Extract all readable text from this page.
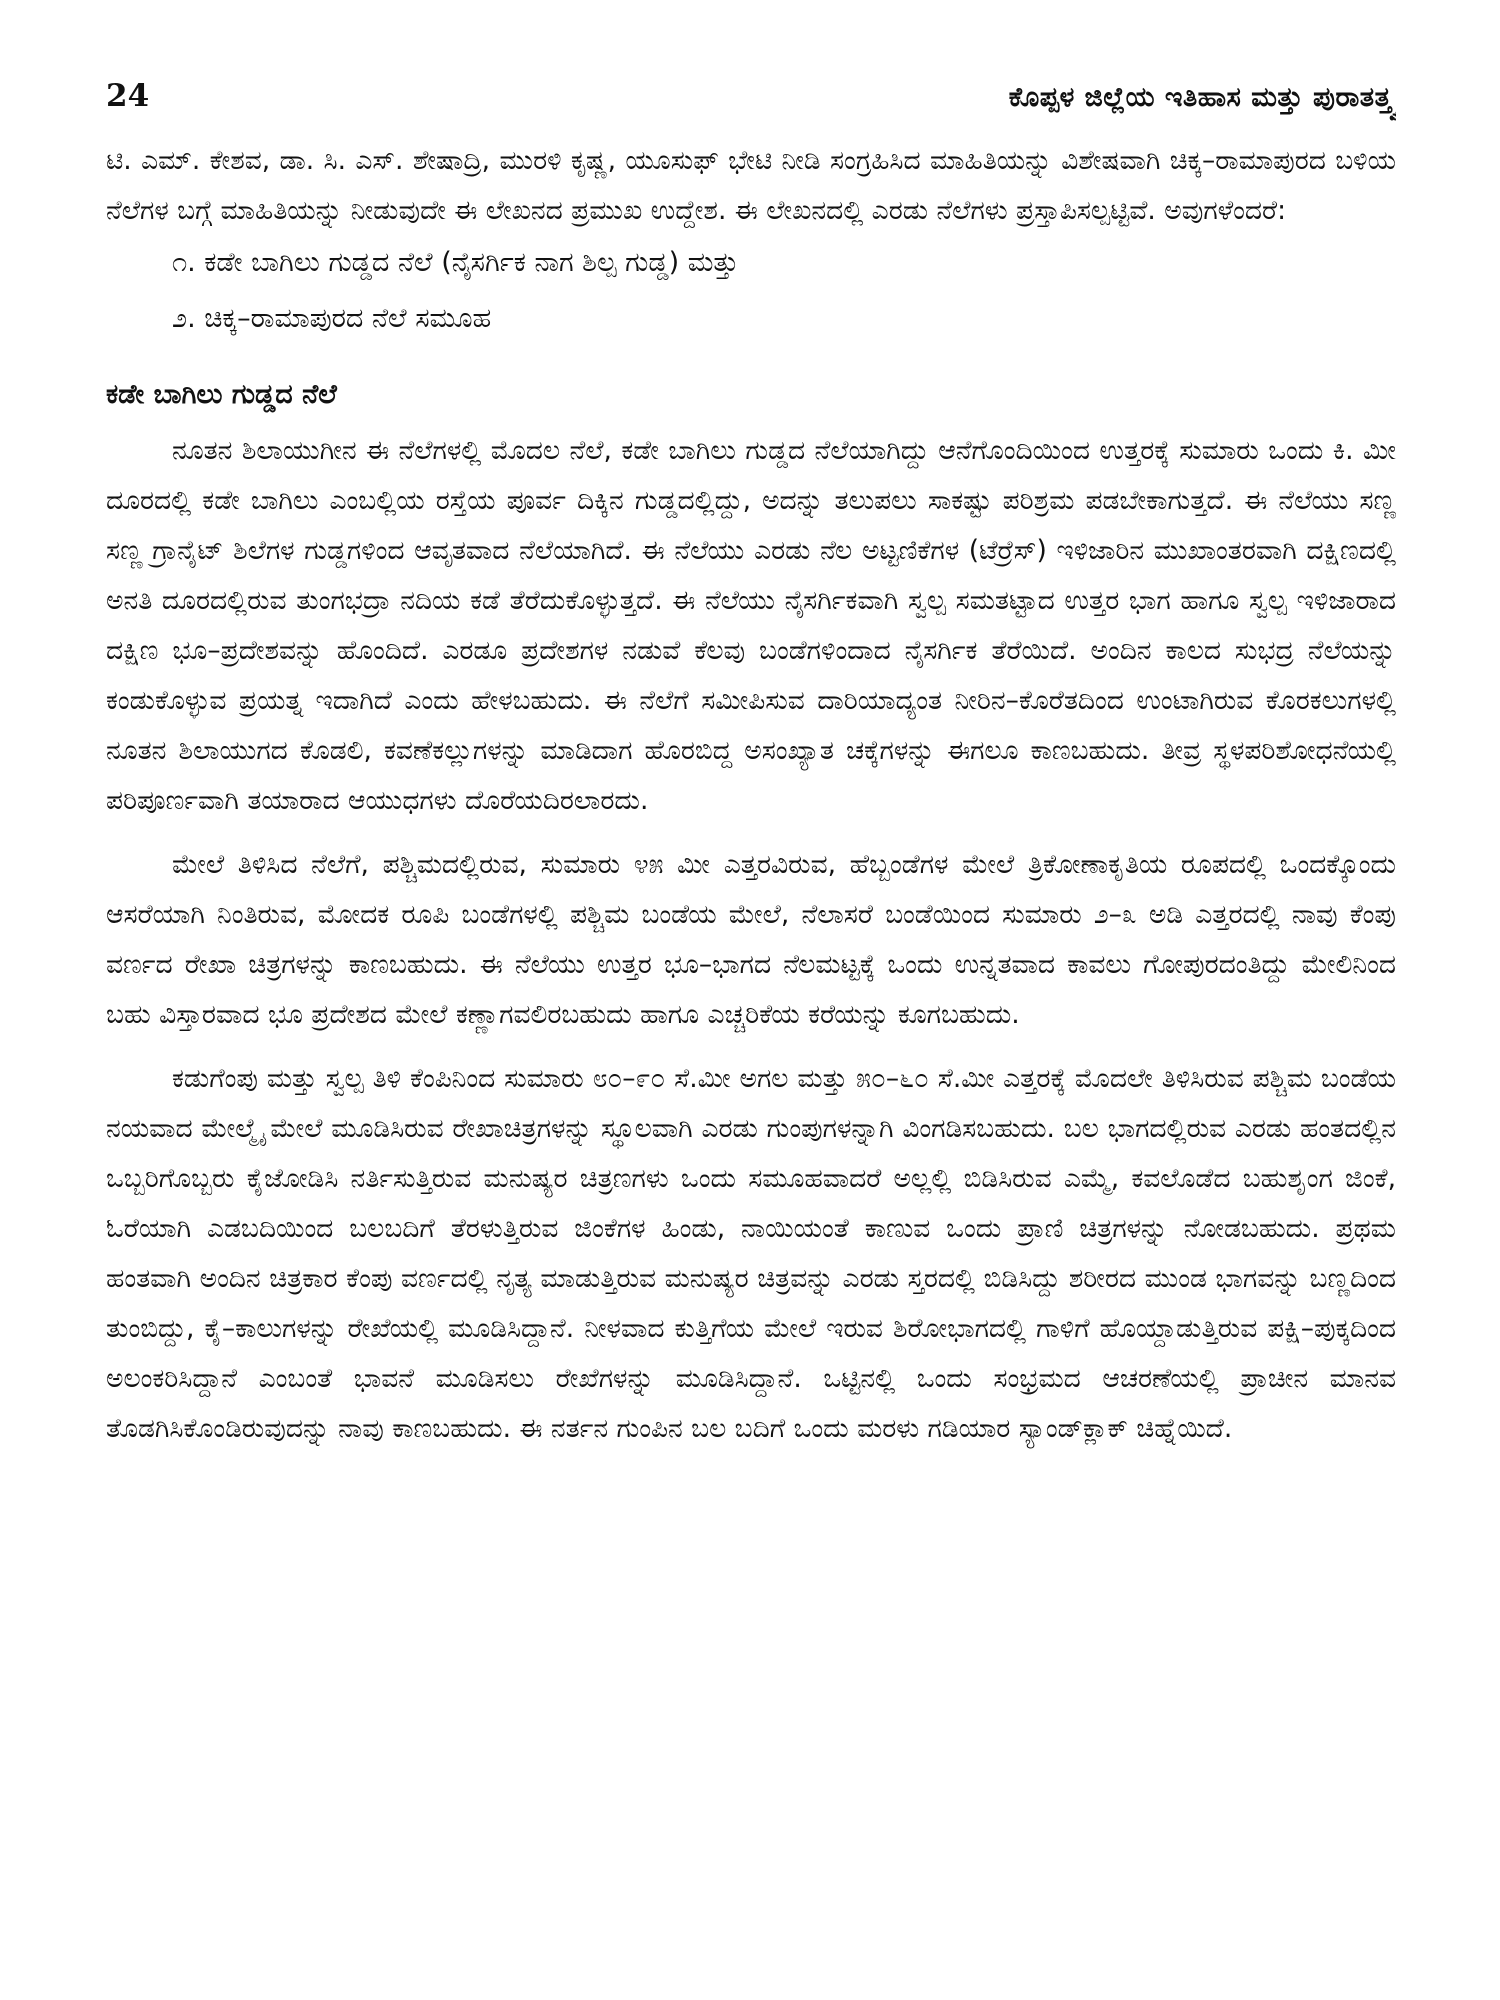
24	ಕೊಪ್ಪಳ ಜಿಲ್ಲೆಯ ಇತಿಹಾಸ ಮತ್ತು ಪುರಾತತ್ತ್ವ

ಟಿ. ಎಮ್. ಕೇಶವ, ಡಾ. ಸಿ. ಎಸ್. ಶೇಷಾದ್ರಿ, ಮುರಳಿ ಕೃಷ್ಣ, ಯೂಸುಫ್ ಭೇಟಿ ನೀಡಿ ಸಂಗ್ರಹಿಸಿದ ಮಾಹಿತಿಯನ್ನು ವಿಶೇಷವಾಗಿ ಚಿಕ್ಕ–ರಾಮಾಪುರದ ಬಳಿಯ ನೆಲೆಗಳ ಬಗ್ಗೆ ಮಾಹಿತಿಯನ್ನು ನೀಡುವುದೇ ಈ ಲೇಖನದ ಪ್ರಮುಖ ಉದ್ದೇಶ. ಈ ಲೇಖನದಲ್ಲಿ ಎರಡು ನೆಲೆಗಳು ಪ್ರಸ್ತಾಪಿಸಲ್ಪಟ್ಟಿವೆ. ಅವುಗಳೆಂದರೆ:

೧. ಕಡೇ ಬಾಗಿಲು ಗುಡ್ಡದ ನೆಲೆ (ನೈಸರ್ಗಿಕ ನಾಗ ಶಿಲ್ಪ ಗುಡ್ಡ) ಮತ್ತು
೨. ಚಿಕ್ಕ–ರಾಮಾಪುರದ ನೆಲೆ ಸಮೂಹ
ಕಡೇ ಬಾಗಿಲು ಗುಡ್ಡದ ನೆಲೆ

ನೂತನ ಶಿಲಾಯುಗೀನ ಈ ನೆಲೆಗಳಲ್ಲಿ ಮೊದಲ ನೆಲೆ, ಕಡೇ ಬಾಗಿಲು ಗುಡ್ಡದ ನೆಲೆಯಾಗಿದ್ದು ಆನೆಗೊಂದಿಯಿಂದ ಉತ್ತರಕ್ಕೆ ಸುಮಾರು ಒಂದು ಕಿ. ಮೀ ದೂರದಲ್ಲಿ ಕಡೇ ಬಾಗಿಲು ಎಂಬಲ್ಲಿಯ ರಸ್ತೆಯ ಪೂರ್ವ ದಿಕ್ಕಿನ ಗುಡ್ಡದಲ್ಲಿದ್ದು, ಅದನ್ನು ತಲುಪಲು ಸಾಕಷ್ಟು ಪರಿಶ್ರಮ ಪಡಬೇಕಾಗುತ್ತದೆ. ಈ ನೆಲೆಯು ಸಣ್ಣ ಸಣ್ಣ ಗ್ರಾನೈಟ್ ಶಿಲೆಗಳ ಗುಡ್ಡಗಳಿಂದ ಆವೃತವಾದ ನೆಲೆಯಾಗಿದೆ. ಈ ನೆಲೆಯು ಎರಡು ನೆಲ ಅಟ್ಟಣಿಕೆಗಳ (ಟೆರ್ರೆಸ್) ಇಳಿಜಾರಿನ ಮುಖಾಂತರವಾಗಿ ದಕ್ಷಿಣದಲ್ಲಿ ಅನತಿ ದೂರದಲ್ಲಿರುವ ತುಂಗಭದ್ರಾ ನದಿಯ ಕಡೆ ತೆರೆದುಕೊಳ್ಳುತ್ತದೆ. ಈ ನೆಲೆಯು ನೈಸರ್ಗಿಕವಾಗಿ ಸ್ವಲ್ಪ ಸಮತಟ್ಟಾದ ಉತ್ತರ ಭಾಗ ಹಾಗೂ ಸ್ವಲ್ಪ ಇಳಿಜಾರಾದ ದಕ್ಷಿಣ ಭೂ–ಪ್ರದೇಶವನ್ನು ಹೊಂದಿದೆ. ಎರಡೂ ಪ್ರದೇಶಗಳ ನಡುವೆ ಕೆಲವು ಬಂಡೆಗಳಿಂದಾದ ನೈಸರ್ಗಿಕ ತೆರೆಯಿದೆ. ಅಂದಿನ ಕಾಲದ ಸುಭದ್ರ ನೆಲೆಯನ್ನು ಕಂಡುಕೊಳ್ಳುವ ಪ್ರಯತ್ನ ಇದಾಗಿದೆ ಎಂದು ಹೇಳಬಹುದು. ಈ ನೆಲೆಗೆ ಸಮೀಪಿಸುವ ದಾರಿಯಾದ್ಯಂತ ನೀರಿನ–ಕೊರೆತದಿಂದ ಉಂಟಾಗಿರುವ ಕೊರಕಲುಗಳಲ್ಲಿ ನೂತನ ಶಿಲಾಯುಗದ ಕೊಡಲಿ, ಕವಣೆಕಲ್ಲುಗಳನ್ನು ಮಾಡಿದಾಗ ಹೊರಬಿದ್ದ ಅಸಂಖ್ಯಾತ ಚಕ್ಕೆಗಳನ್ನು ಈಗಲೂ ಕಾಣಬಹುದು. ತೀವ್ರ ಸ್ಥಳಪರಿಶೋಧನೆಯಲ್ಲಿ ಪರಿಪೂರ್ಣವಾಗಿ ತಯಾರಾದ ಆಯುಧಗಳು ದೊರೆಯದಿರಲಾರದು.

ಮೇಲೆ ತಿಳಿಸಿದ ನೆಲೆಗೆ, ಪಶ್ಚಿಮದಲ್ಲಿರುವ, ಸುಮಾರು ೪೫ ಮೀ ಎತ್ತರವಿರುವ, ಹೆಬ್ಬಂಡೆಗಳ ಮೇಲೆ ತ್ರಿಕೋಣಾಕೃತಿಯ ರೂಪದಲ್ಲಿ ಒಂದಕ್ಕೊಂದು ಆಸರೆಯಾಗಿ ನಿಂತಿರುವ, ಮೋದಕ ರೂಪಿ ಬಂಡೆಗಳಲ್ಲಿ ಪಶ್ಚಿಮ ಬಂಡೆಯ ಮೇಲೆ, ನೆಲಾಸರೆ ಬಂಡೆಯಿಂದ ಸುಮಾರು ೨–೩ ಅಡಿ ಎತ್ತರದಲ್ಲಿ ನಾವು ಕೆಂಪು ವರ್ಣದ ರೇಖಾ ಚಿತ್ರಗಳನ್ನು ಕಾಣಬಹುದು. ಈ ನೆಲೆಯು ಉತ್ತರ ಭೂ–ಭಾಗದ ನೆಲಮಟ್ಟಕ್ಕೆ ಒಂದು ಉನ್ನತವಾದ ಕಾವಲು ಗೋಪುರದಂತಿದ್ದು ಮೇಲಿನಿಂದ ಬಹು ವಿಸ್ತಾರವಾದ ಭೂ ಪ್ರದೇಶದ ಮೇಲೆ ಕಣ್ಣಾಗವಲಿರಬಹುದು ಹಾಗೂ ಎಚ್ಚರಿಕೆಯ ಕರೆಯನ್ನು ಕೂಗಬಹುದು.

ಕಡುಗೆಂಪು ಮತ್ತು ಸ್ವಲ್ಪ ತಿಳಿ ಕೆಂಪಿನಿಂದ ಸುಮಾರು ೮೦–೯೦ ಸೆ.ಮೀ ಅಗಲ ಮತ್ತು ೫೦–೬೦ ಸೆ.ಮೀ ಎತ್ತರಕ್ಕೆ ಮೊದಲೇ ತಿಳಿಸಿರುವ ಪಶ್ಚಿಮ ಬಂಡೆಯ ನಯವಾದ ಮೇಲ್ಮೈ ಮೇಲೆ ಮೂಡಿಸಿರುವ ರೇಖಾಚಿತ್ರಗಳನ್ನು ಸ್ಥೂಲವಾಗಿ ಎರಡು ಗುಂಪುಗಳನ್ನಾಗಿ ವಿಂಗಡಿಸಬಹುದು. ಬಲ ಭಾಗದಲ್ಲಿರುವ ಎರಡು ಹಂತದಲ್ಲಿನ ಒಬ್ಬರಿಗೊಬ್ಬರು ಕೈಜೋಡಿಸಿ ನರ್ತಿಸುತ್ತಿರುವ ಮನುಷ್ಯರ ಚಿತ್ರಣಗಳು ಒಂದು ಸಮೂಹವಾದರೆ ಅಲ್ಲಲ್ಲಿ ಬಿಡಿಸಿರುವ ಎಮ್ಮೆ, ಕವಲೊಡೆದ ಬಹುಶೃಂಗ ಜಿಂಕೆ, ಓರೆಯಾಗಿ ಎಡಬದಿಯಿಂದ ಬಲಬದಿಗೆ ತೆರಳುತ್ತಿರುವ ಜಿಂಕೆಗಳ ಹಿಂಡು, ನಾಯಿಯಂತೆ ಕಾಣುವ ಒಂದು ಪ್ರಾಣಿ ಚಿತ್ರಗಳನ್ನು ನೋಡಬಹುದು. ಪ್ರಥಮ ಹಂತವಾಗಿ ಅಂದಿನ ಚಿತ್ರಕಾರ ಕೆಂಪು ವರ್ಣದಲ್ಲಿ ನೃತ್ಯ ಮಾಡುತ್ತಿರುವ ಮನುಷ್ಯರ ಚಿತ್ರವನ್ನು ಎರಡು ಸ್ತರದಲ್ಲಿ ಬಿಡಿಸಿದ್ದು ಶರೀರದ ಮುಂಡ ಭಾಗವನ್ನು ಬಣ್ಣದಿಂದ ತುಂಬಿದ್ದು, ಕೈ–ಕಾಲುಗಳನ್ನು ರೇಖೆಯಲ್ಲಿ ಮೂಡಿಸಿದ್ದಾನೆ. ನೀಳವಾದ ಕುತ್ತಿಗೆಯ ಮೇಲೆ ಇರುವ ಶಿರೋಭಾಗದಲ್ಲಿ ಗಾಳಿಗೆ ಹೊಯ್ದಾಡುತ್ತಿರುವ ಪಕ್ಷಿ–ಪುಕ್ಕದಿಂದ ಅಲಂಕರಿಸಿದ್ದಾನೆ ಎಂಬಂತೆ ಭಾವನೆ ಮೂಡಿಸಲು ರೇಖೆಗಳನ್ನು ಮೂಡಿಸಿದ್ದಾನೆ. ಒಟ್ಟಿನಲ್ಲಿ ಒಂದು ಸಂಭ್ರಮದ ಆಚರಣೆಯಲ್ಲಿ ಪ್ರಾಚೀನ ಮಾನವ ತೊಡಗಿಸಿಕೊಂಡಿರುವುದನ್ನು ನಾವು ಕಾಣಬಹುದು. ಈ ನರ್ತನ ಗುಂಪಿನ ಬಲ ಬದಿಗೆ ಒಂದು ಮರಳು ಗಡಿಯಾರ ಸ್ಯಾಂಡ್‌ಕ್ಲಾಕ್ ಚಿಹ್ನೆಯಿದೆ.
